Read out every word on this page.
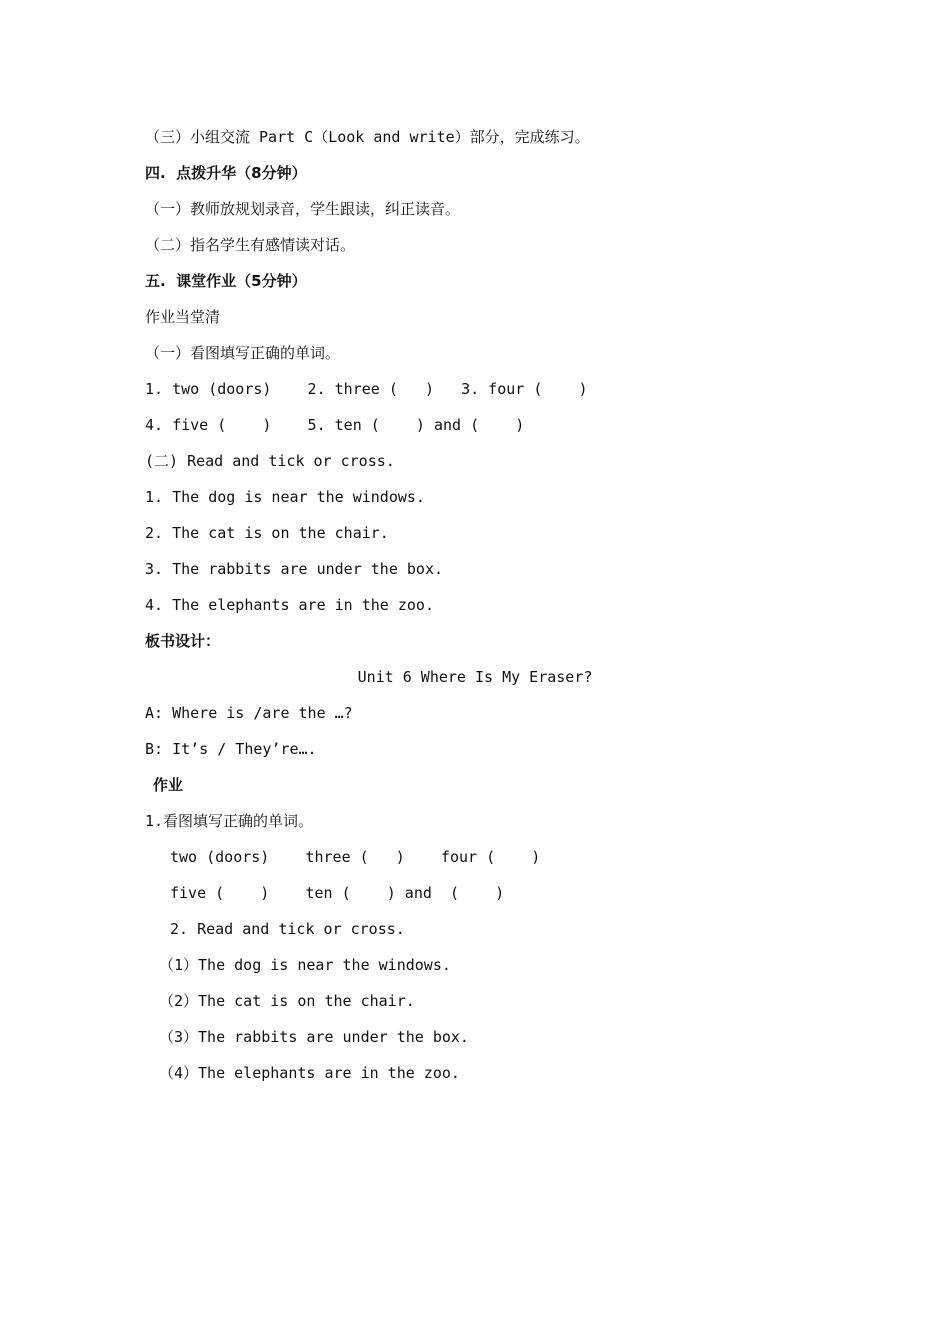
（三）小组交流 Part C（Look and write）部分，完成练习。
四.  点拨升华（8分钟）
（一）教师放规划录音，学生跟读，纠正读音。
（二）指名学生有感情读对话。
五.  课堂作业（5分钟）
作业当堂清
（一）看图填写正确的单词。
1. two (doors)    2. three (   )   3. four (    )
4. five (    )    5. ten (    ) and (    )
(二) Read and tick or cross.
1. The dog is near the windows.
2. The cat is on the chair.
3. The rabbits are under the box.
4. The elephants are in the zoo.
板书设计：
Unit 6 Where Is My Eraser?
A: Where is /are the …?
B: It’s / They’re….
作业
1.看图填写正确的单词。
two (doors)    three (   )    four (    )
five (    )    ten (    ) and  (    )
2. Read and tick or cross.
（1）The dog is near the windows.
（2）The cat is on the chair.
（3）The rabbits are under the box.
（4）The elephants are in the zoo.
